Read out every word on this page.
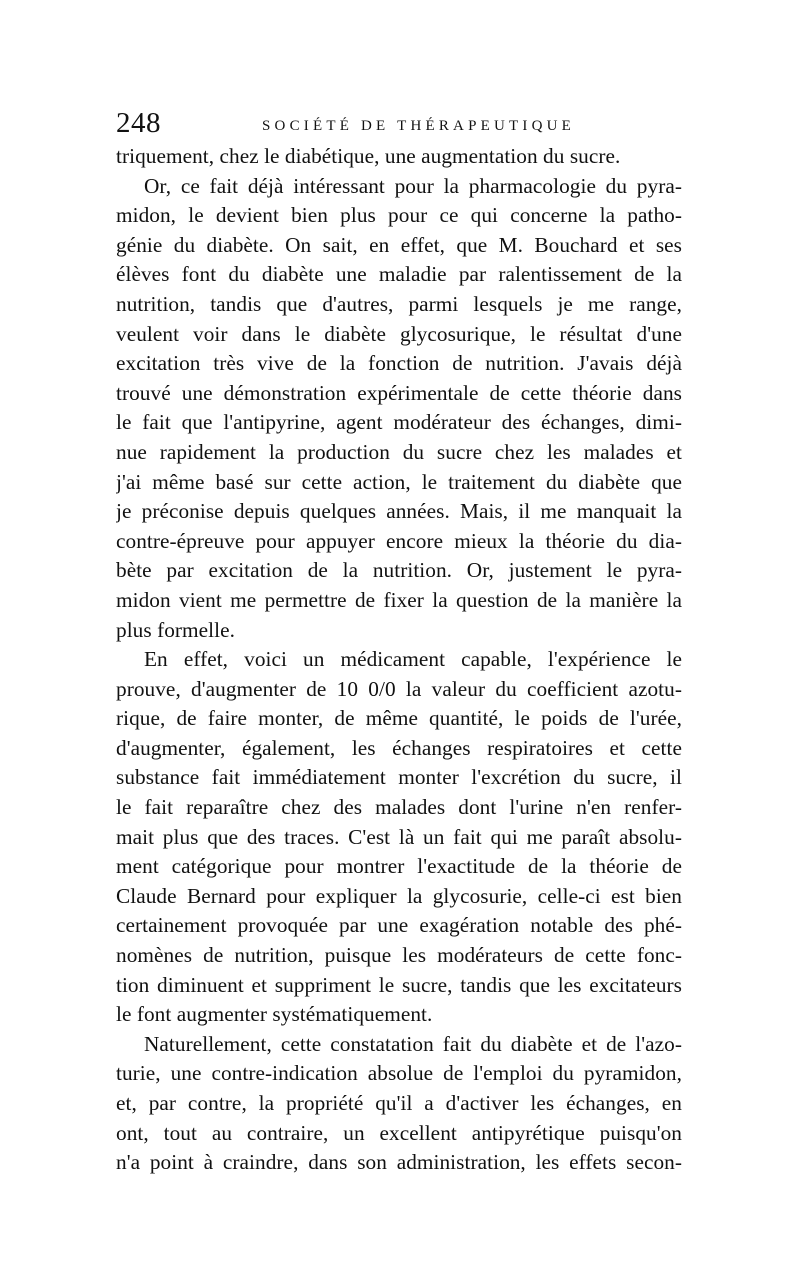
248	SOCIÉTÉ DE THÉRAPEUTIQUE
triquement, chez le diabétique, une augmentation du sucre.
Or, ce fait déjà intéressant pour la pharmacologie du pyra-
midon, le devient bien plus pour ce qui concerne la patho-
génie du diabète. On sait, en effet, que M. Bouchard et ses
élèves font du diabète une maladie par ralentissement de la
nutrition, tandis que d'autres, parmi lesquels je me range,
veulent voir dans le diabète glycosurique, le résultat d'une
excitation très vive de la fonction de nutrition. J'avais déjà
trouvé une démonstration expérimentale de cette théorie dans
le fait que l'antipyrine, agent modérateur des échanges, dimi-
nue rapidement la production du sucre chez les malades et
j'ai même basé sur cette action, le traitement du diabète que
je préconise depuis quelques années. Mais, il me manquait la
contre-épreuve pour appuyer encore mieux la théorie du dia-
bète par excitation de la nutrition. Or, justement le pyra-
midon vient me permettre de fixer la question de la manière la
plus formelle.
En effet, voici un médicament capable, l'expérience le
prouve, d'augmenter de 10 0/0 la valeur du coefficient azotu-
rique, de faire monter, de même quantité, le poids de l'urée,
d'augmenter, également, les échanges respiratoires et cette
substance fait immédiatement monter l'excrétion du sucre, il
le fait reparaître chez des malades dont l'urine n'en renfer-
mait plus que des traces. C'est là un fait qui me paraît absolu-
ment catégorique pour montrer l'exactitude de la théorie de
Claude Bernard pour expliquer la glycosurie, celle-ci est bien
certainement provoquée par une exagération notable des phé-
nomènes de nutrition, puisque les modérateurs de cette fonc-
tion diminuent et suppriment le sucre, tandis que les excitateurs
le font augmenter systématiquement.
Naturellement, cette constatation fait du diabète et de l'azo-
turie, une contre-indication absolue de l'emploi du pyramidon,
et, par contre, la propriété qu'il a d'activer les échanges, en
ont, tout au contraire, un excellent antipyrétique puisqu'on
n'a point à craindre, dans son administration, les effets secon-
